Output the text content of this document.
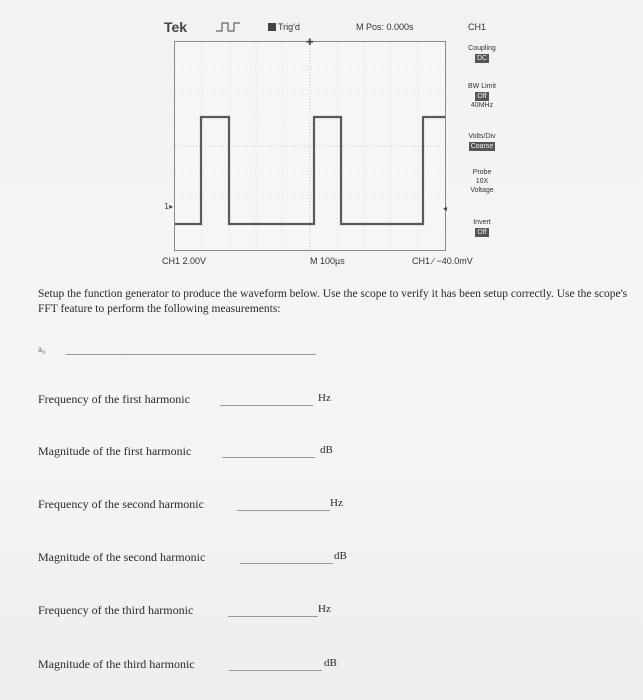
Tek	Trig'd	M Pos: 0.000s	CH1
✚
1▸	◂
Coupling
DC
BW Limit
Off
40MHz
Volts/Div
Coarse
Probe
10X
Voltage
Invert
Off
CH1 2.00V	M 100µs	CH1 ∕ −40.0mV
Setup the function generator to produce the waveform below. Use the scope to verify it has been setup correctly. Use the scope's FFT feature to perform the following measurements:
a₀
Frequency of the first harmonic	Hz
Magnitude of the first harmonic	dB
Frequency of the second harmonic	Hz
Magnitude of the second harmonic	dB
Frequency of the third harmonic	Hz
Magnitude of the third harmonic	dB
